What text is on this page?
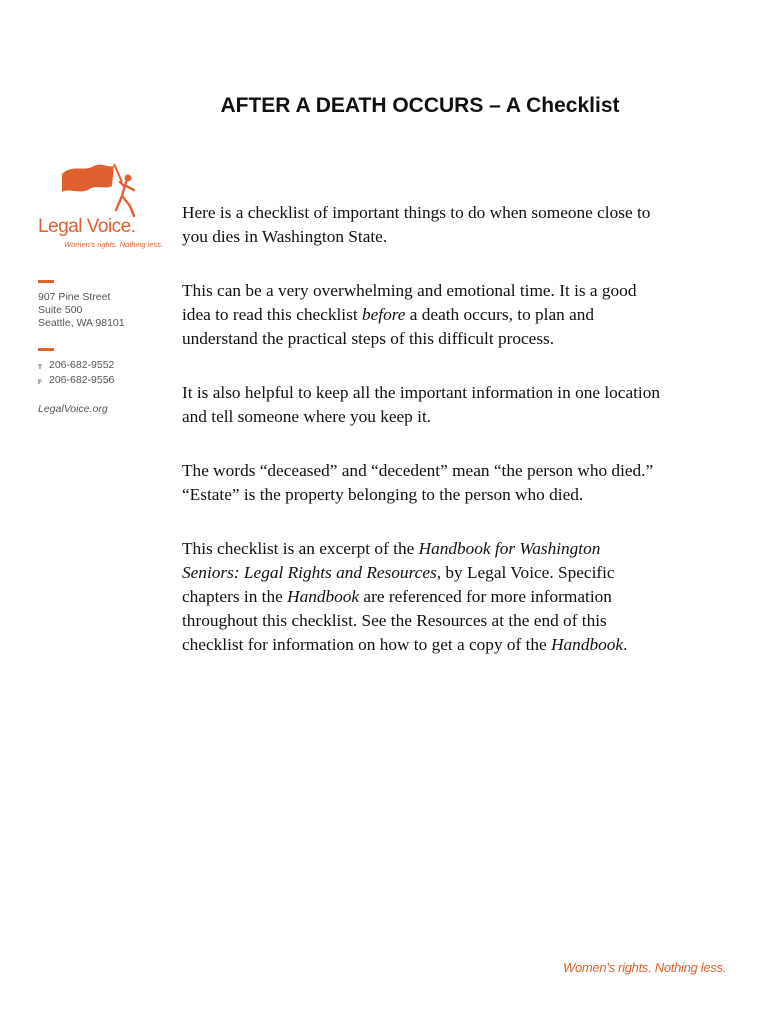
AFTER A DEATH OCCURS – A Checklist
Legal Voice.
Women’s rights. Nothing less.
907 Pine Street
Suite 500
Seattle, WA 98101
T 206-682-9552
F 206-682-9556
LegalVoice.org

Here is a checklist of important things to do when someone close to you dies in Washington State.

This can be a very overwhelming and emotional time. It is a good idea to read this checklist before a death occurs, to plan and understand the practical steps of this difficult process.

It is also helpful to keep all the important information in one location and tell someone where you keep it.

The words “deceased” and “decedent” mean “the person who died.” “Estate” is the property belonging to the person who died.

This checklist is an excerpt of the Handbook for Washington Seniors: Legal Rights and Resources, by Legal Voice. Specific chapters in the Handbook are referenced for more information throughout this checklist. See the Resources at the end of this checklist for information on how to get a copy of the Handbook.

Women’s rights. Nothing less.
